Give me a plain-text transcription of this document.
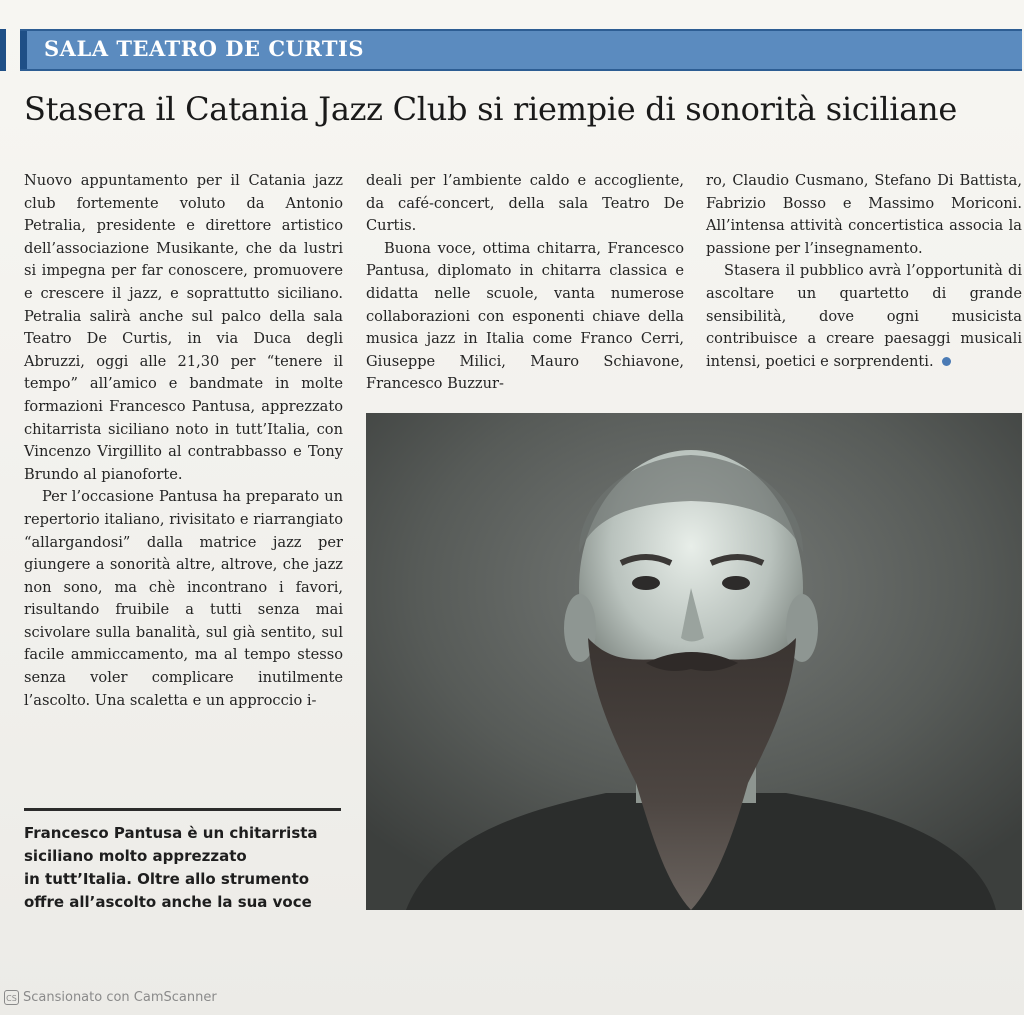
SALA TEATRO DE CURTIS
Stasera il Catania Jazz Club si riempie di sonorità siciliane

Nuovo appuntamento per il Catania jazz club fortemente voluto da Antonio Petralia, presidente e direttore artistico dell’associazione Musikante, che da lustri si impegna per far conoscere, promuovere e crescere il jazz, e soprattutto siciliano. Petralia salirà anche sul palco della sala Teatro De Curtis, in via Duca degli Abruzzi, oggi alle 21,30 per “tenere il tempo” all’amico e bandmate in molte formazioni Francesco Pantusa, apprezzato chitarrista siciliano noto in tutt’Italia, con Vincenzo Virgillito al contrabbasso e Tony Brundo al pianoforte.

Per l’occasione Pantusa ha preparato un repertorio italiano, rivisitato e riarrangiato “allargandosi” dalla matrice jazz per giungere a sonorità altre, altrove, che jazz non sono, ma chè incontrano i favori, risultando fruibile a tutti senza mai scivolare sulla banalità, sul già sentito, sul facile ammiccamento, ma al tempo stesso senza voler complicare inutilmente l’ascolto. Una scaletta e un approccio i-

deali per l’ambiente caldo e accogliente, da café-concert, della sala Teatro De Curtis.

Buona voce, ottima chitarra, Francesco Pantusa, diplomato in chitarra classica e didatta nelle scuole, vanta numerose collaborazioni con esponenti chiave della musica jazz in Italia come Franco Cerri, Giuseppe Milici, Mauro Schiavone, Francesco Buzzur-

ro, Claudio Cusmano, Stefano Di Battista, Fabrizio Bosso e Massimo Moriconi. All’intensa attività concertistica associa la passione per l’insegnamento.

Stasera il pubblico avrà l’opportunità di ascoltare un quartetto di grande sensibilità, dove ogni musicista contribuisce a creare paesaggi musicali intensi, poetici e sorprendenti.

Francesco Pantusa è un chitarrista
siciliano molto apprezzato
in tutt’Italia. Oltre allo strumento
offre all’ascolto anche la sua voce
CS Scansionato con CamScanner
